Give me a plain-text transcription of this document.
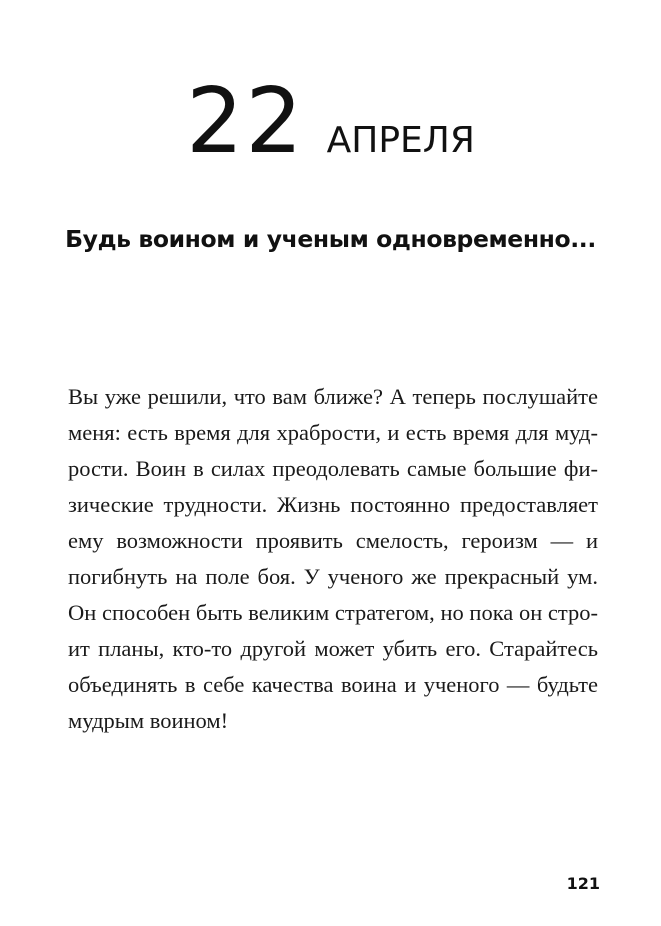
22 АПРЕЛЯ
Будь воином и ученым одновременно...
Вы уже решили, что вам ближе? А теперь послушайте
меня: есть время для храбрости, и есть время для муд-
рости. Воин в силах преодолевать самые большие фи-
зические трудности. Жизнь постоянно предоставляет
ему возможности проявить смелость, героизм — и
погибнуть на поле боя. У ученого же прекрасный ум.
Он способен быть великим стратегом, но пока он стро-
ит планы, кто-то другой может убить его. Старайтесь
объединять в себе качества воина и ученого — будьте
мудрым воином!
121
